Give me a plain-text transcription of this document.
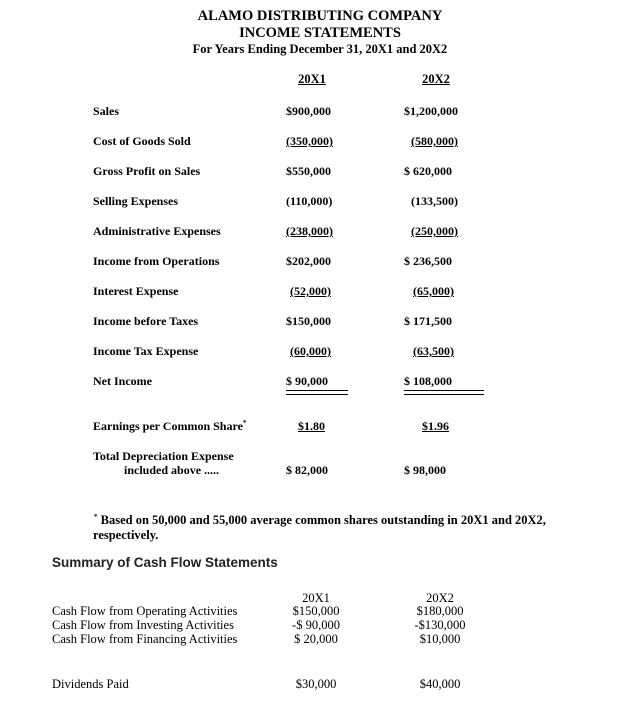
ALAMO DISTRIBUTING COMPANY
INCOME STATEMENTS
For Years Ending December 31, 20X1 and 20X2
20X1	20X2
Sales	$900,000	$1,200,000
Cost of Goods Sold	(350,000)	(580,000)
Gross Profit on Sales	$550,000	$ 620,000
Selling Expenses	(110,000)	(133,500)
Administrative Expenses	(238,000)	(250,000)
Income from Operations	$202,000	$ 236,500
Interest Expense	(52,000)	(65,000)
Income before Taxes	$150,000	$ 171,500
Income Tax Expense	(60,000)	(63,500)
Net Income	$ 90,000	$ 108,000
Earnings per Common Share*	$1.80	$1.96
Total Depreciation Expense
included above .....	$ 82,000	$ 98,000
* Based on 50,000 and 55,000 average common shares outstanding in 20X1 and 20X2,
respectively.
Summary of Cash Flow Statements
20X1	20X2
Cash Flow from Operating Activities	$150,000	$180,000
Cash Flow from Investing Activities	-$ 90,000	-$130,000
Cash Flow from Financing Activities	$ 20,000	$10,000
Dividends Paid	$30,000	$40,000
